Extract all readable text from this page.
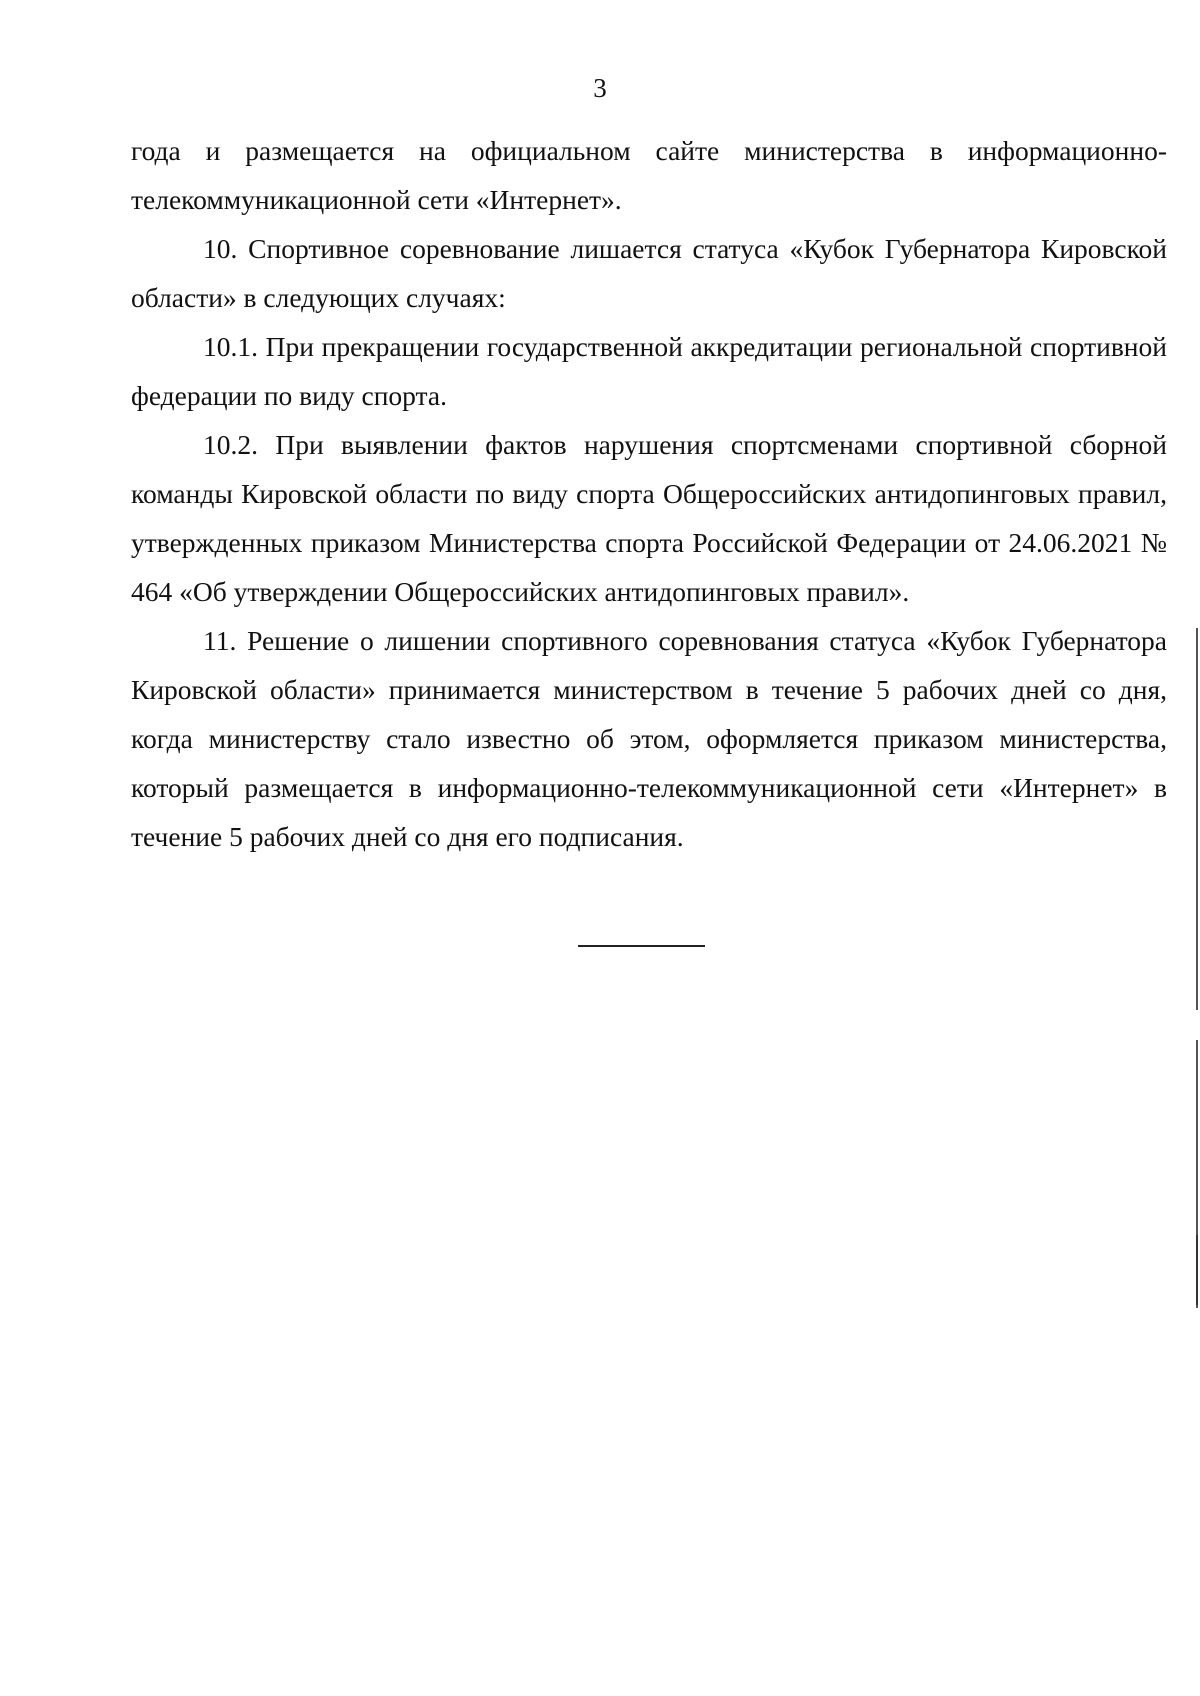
3

года и размещается на официальном сайте министерства в информационно-телекоммуникационной сети «Интернет».

10. Спортивное соревнование лишается статуса «Кубок Губернатора Кировской области» в следующих случаях:

10.1. При прекращении государственной аккредитации региональной спортивной федерации по виду спорта.

10.2. При выявлении фактов нарушения спортсменами спортивной сборной команды Кировской области по виду спорта Общероссийских антидопинговых правил, утвержденных приказом Министерства спорта Российской Федерации от 24.06.2021 № 464 «Об утверждении Общероссийских антидопинговых правил».

11. Решение о лишении спортивного соревнования статуса «Кубок Губернатора Кировской области» принимается министерством в течение 5 рабочих дней со дня, когда министерству стало известно об этом, оформляется приказом министерства, который размещается в информационно-телекоммуникационной сети «Интернет» в течение 5 рабочих дней со дня его подписания.
